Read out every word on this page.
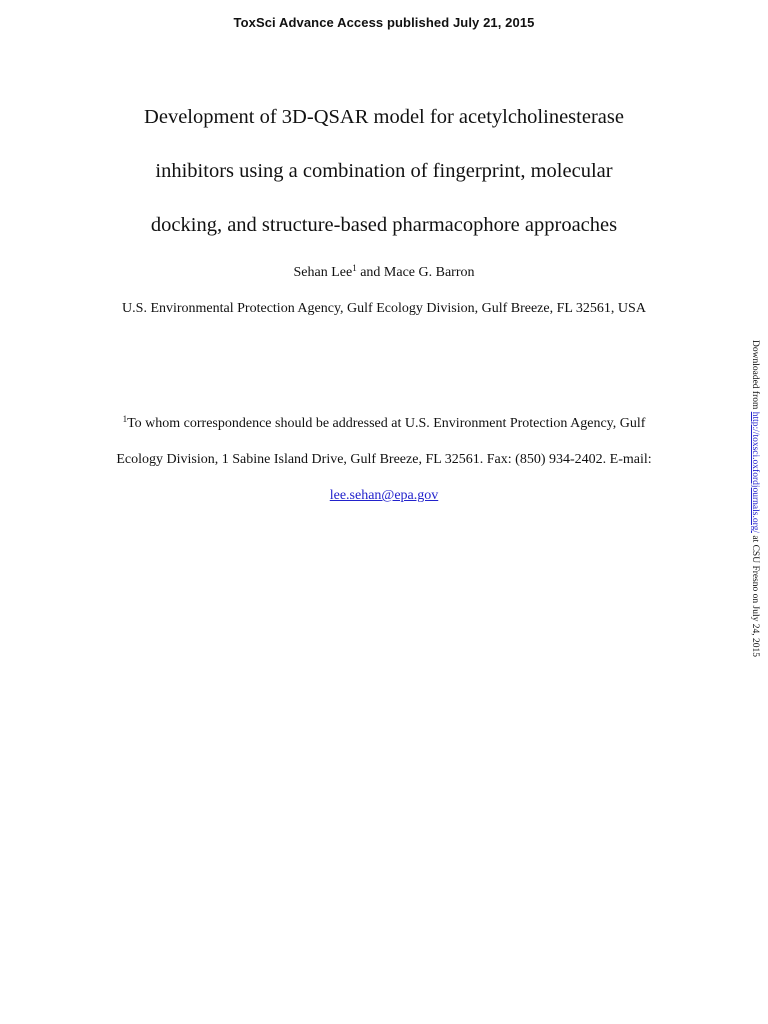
ToxSci Advance Access published July 21, 2015
Development of 3D-QSAR model for acetylcholinesterase
inhibitors using a combination of fingerprint, molecular
docking, and structure-based pharmacophore approaches
Sehan Lee$^1$ and Mace G. Barron
U.S. Environmental Protection Agency, Gulf Ecology Division, Gulf Breeze, FL 32561, USA
$^1$To whom correspondence should be addressed at U.S. Environment Protection Agency, Gulf
Ecology Division, 1 Sabine Island Drive, Gulf Breeze, FL 32561. Fax: (850) 934-2402. E-mail:
lee.sehan@epa.gov
Downloaded from http://toxsci.oxfordjournals.org/ at CSU Fresno on July 24, 2015
